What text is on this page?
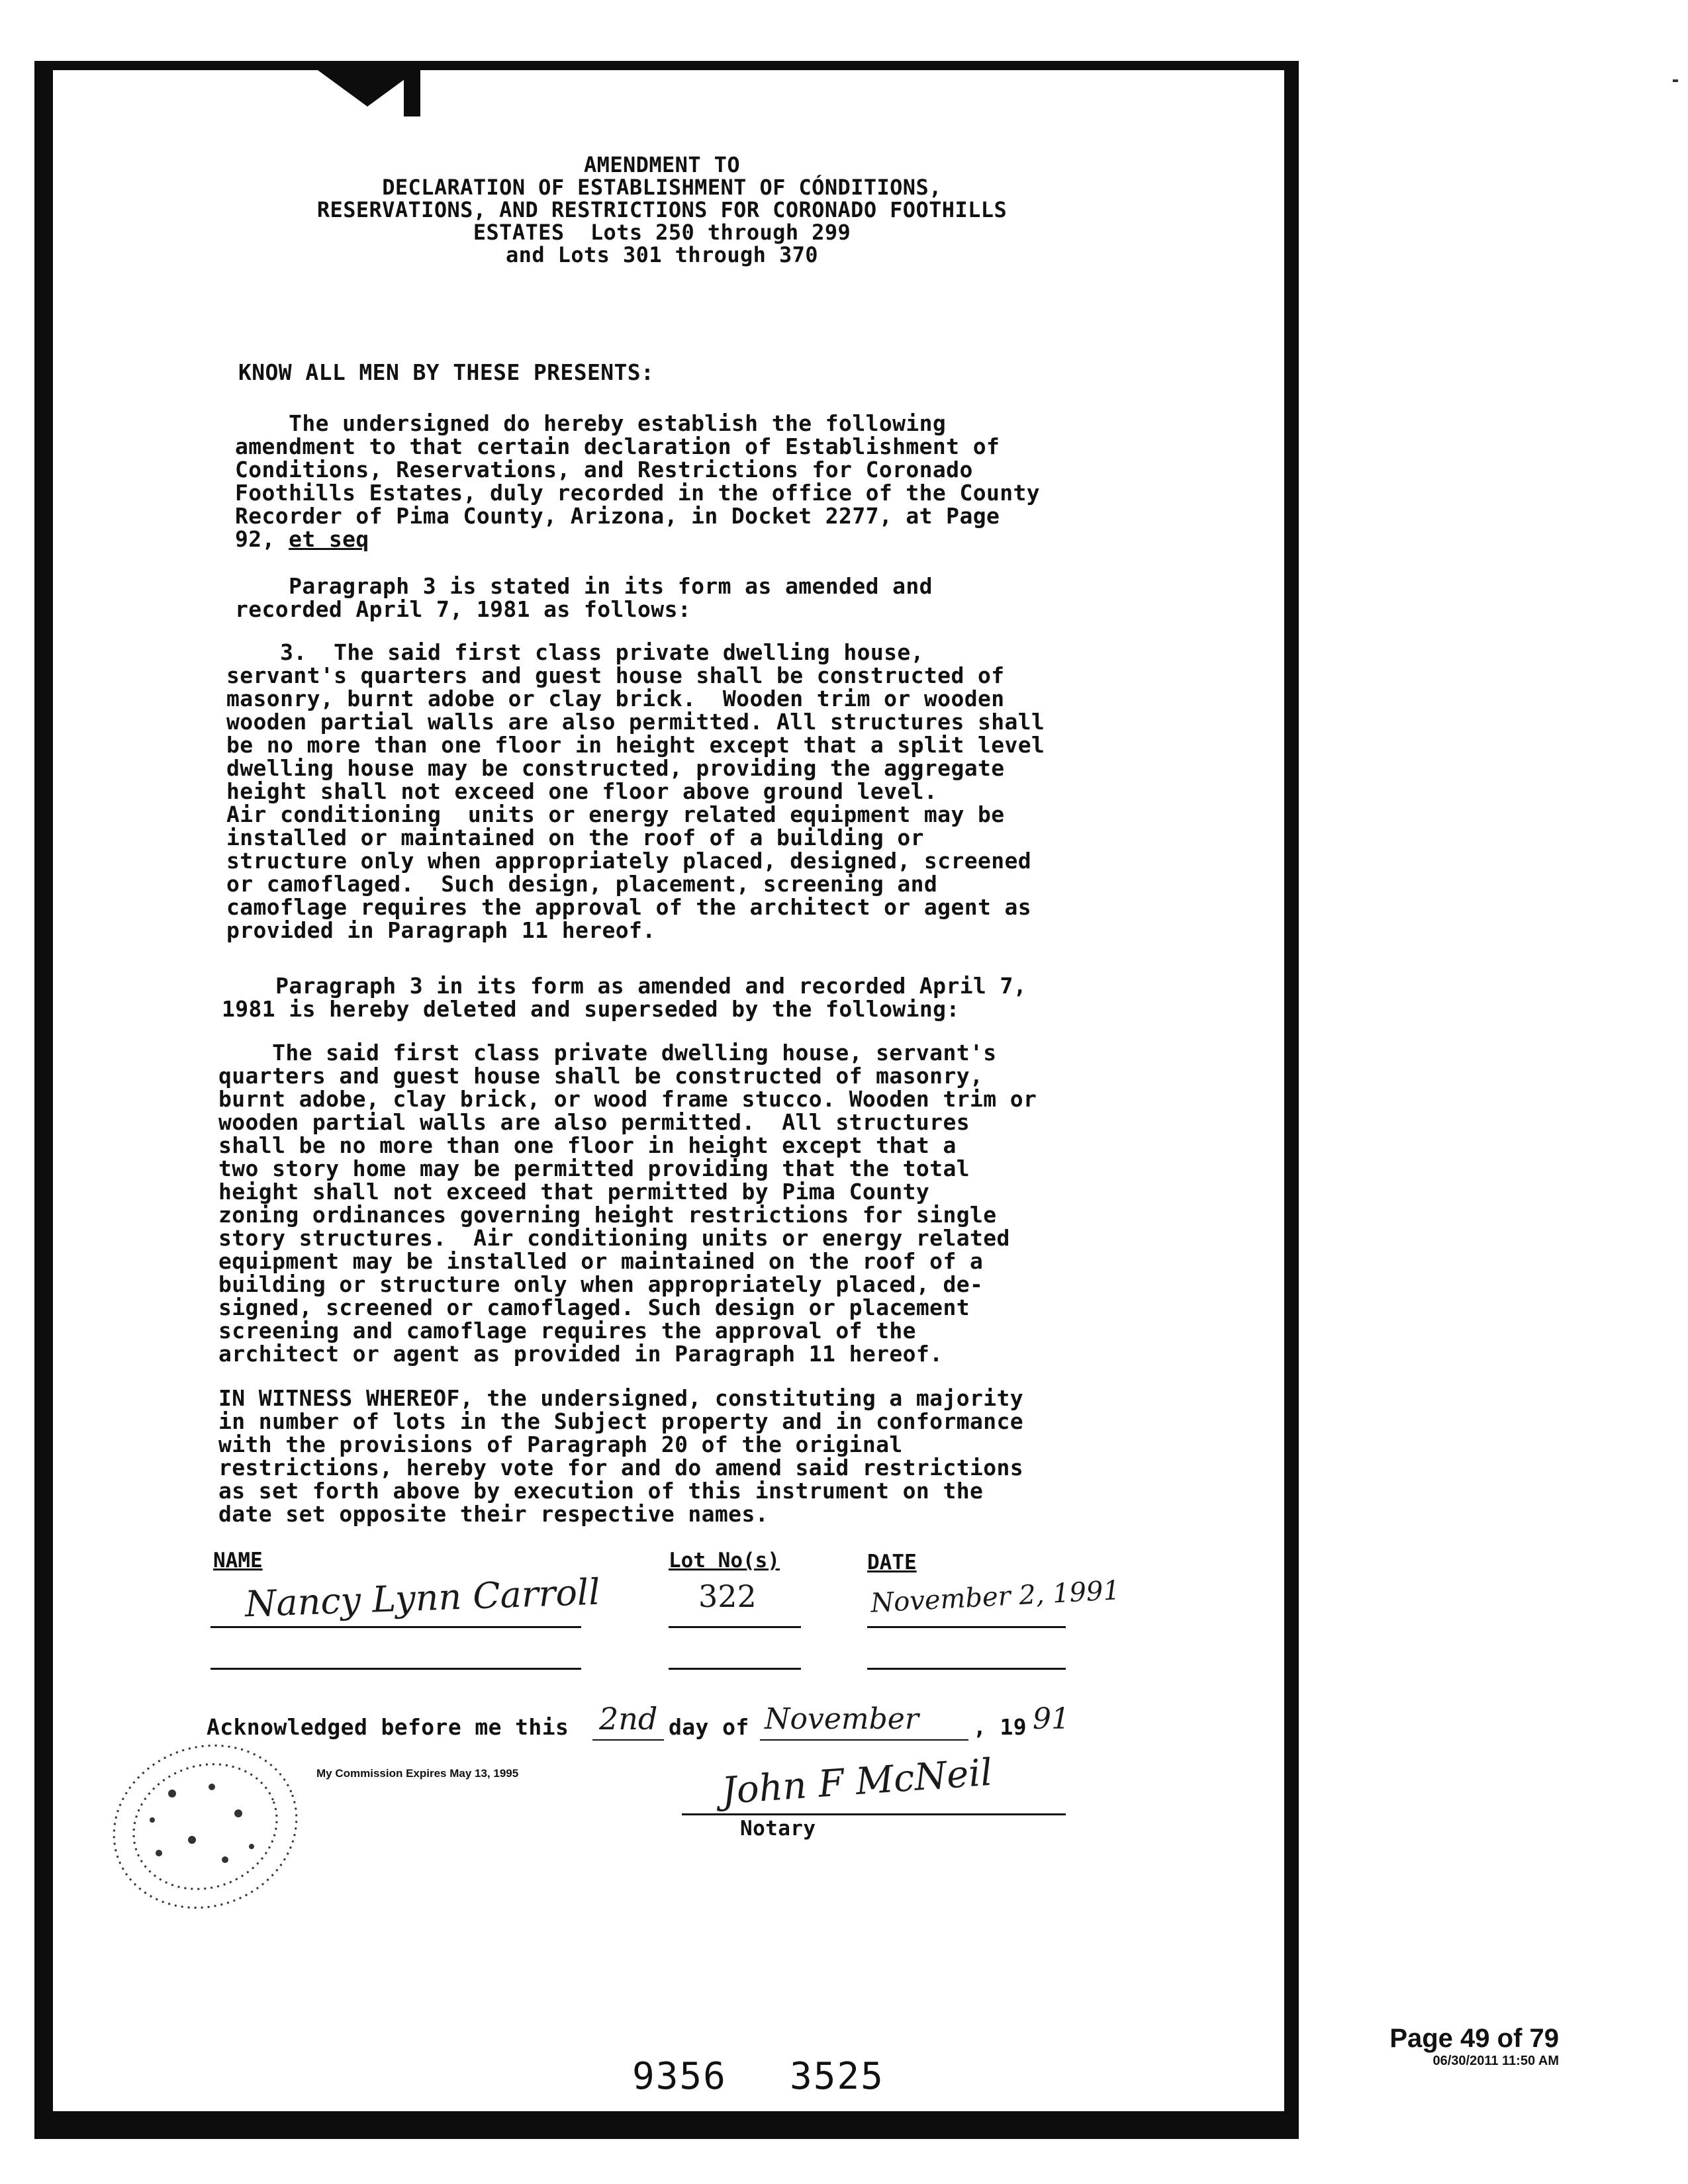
AMENDMENT TO
DECLARATION OF ESTABLISHMENT OF CÓNDITIONS,
RESERVATIONS, AND RESTRICTIONS FOR CORONADO FOOTHILLS
ESTATES  Lots 250 through 299
and Lots 301 through 370
KNOW ALL MEN BY THESE PRESENTS:
The undersigned do hereby establish the following
amendment to that certain declaration of Establishment of
Conditions, Reservations, and Restrictions for Coronado
Foothills Estates, duly recorded in the office of the County
Recorder of Pima County, Arizona, in Docket 2277, at Page
92, et seq
Paragraph 3 is stated in its form as amended and
recorded April 7, 1981 as follows:
3.  The said first class private dwelling house,
servant's quarters and guest house shall be constructed of
masonry, burnt adobe or clay brick.  Wooden trim or wooden
wooden partial walls are also permitted. All structures shall
be no more than one floor in height except that a split level
dwelling house may be constructed, providing the aggregate
height shall not exceed one floor above ground level.
Air conditioning  units or energy related equipment may be
installed or maintained on the roof of a building or
structure only when appropriately placed, designed, screened
or camoflaged.  Such design, placement, screening and
camoflage requires the approval of the architect or agent as
provided in Paragraph 11 hereof.
Paragraph 3 in its form as amended and recorded April 7,
1981 is hereby deleted and superseded by the following:
The said first class private dwelling house, servant's
quarters and guest house shall be constructed of masonry,
burnt adobe, clay brick, or wood frame stucco. Wooden trim or
wooden partial walls are also permitted.  All structures
shall be no more than one floor in height except that a
two story home may be permitted providing that the total
height shall not exceed that permitted by Pima County
zoning ordinances governing height restrictions for single
story structures.  Air conditioning units or energy related
equipment may be installed or maintained on the roof of a
building or structure only when appropriately placed, de-
signed, screened or camoflaged. Such design or placement
screening and camoflage requires the approval of the
architect or agent as provided in Paragraph 11 hereof.
IN WITNESS WHEREOF, the undersigned, constituting a majority
in number of lots in the Subject property and in conformance
with the provisions of Paragraph 20 of the original
restrictions, hereby vote for and do amend said restrictions
as set forth above by execution of this instrument on the
date set opposite their respective names.
NAME	Lot No(s)	DATE
Nancy Lynn Carroll	322	November 2, 1991
Acknowledged before me this 2nd day of November , 19 91
My Commission Expires May 13, 1995	John F McNeil
Notary
9356 3525
Page 49 of 79
06/30/2011 11:50 AM
